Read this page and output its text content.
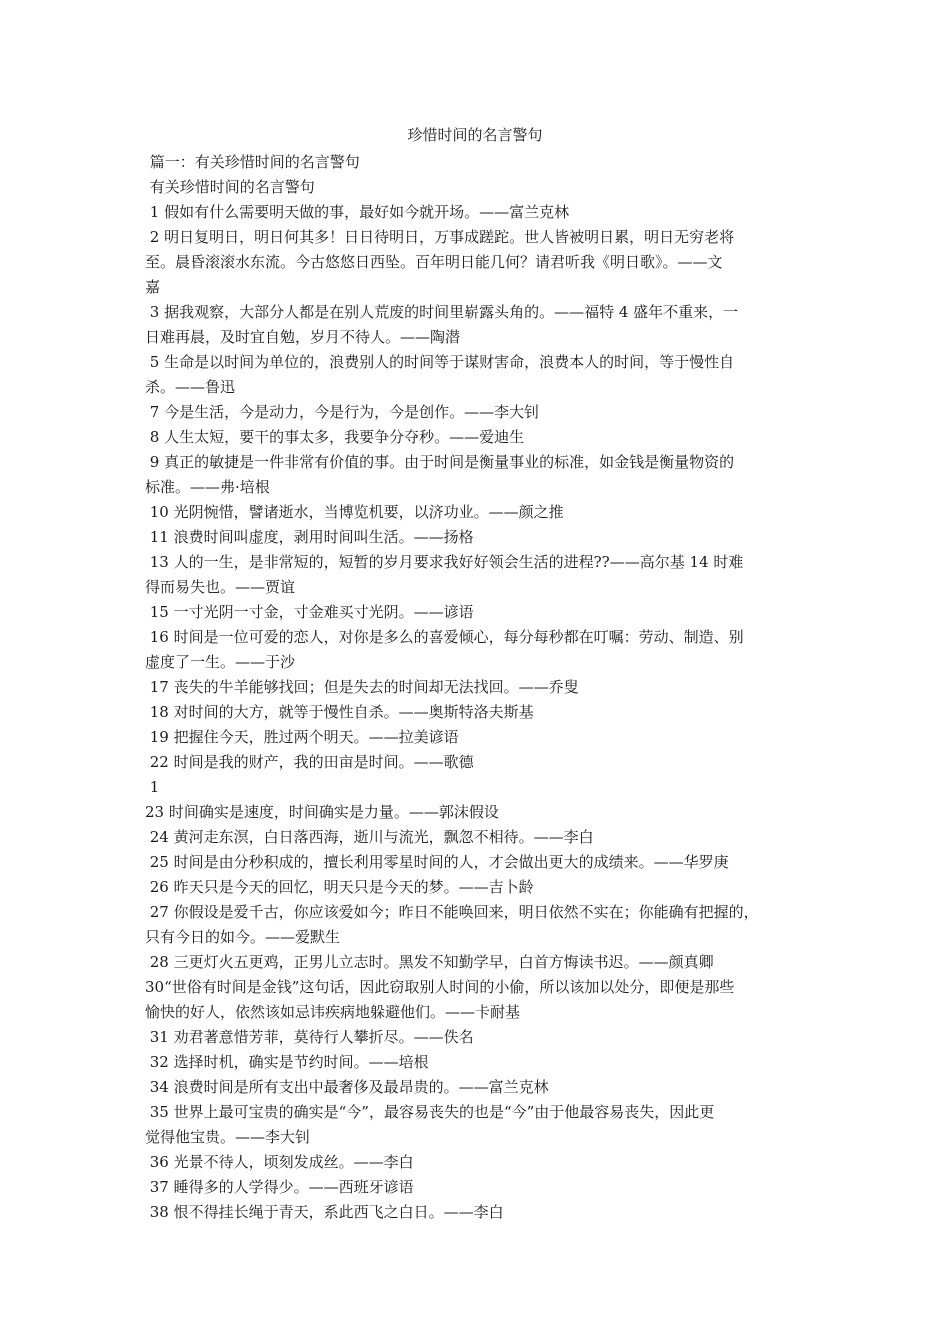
珍惜时间的名言警句
篇一：有关珍惜时间的名言警句
有关珍惜时间的名言警句
1 假如有什么需要明天做的事，最好如今就开场。——富兰克林
2 明日复明日，明日何其多！日日待明日，万事成蹉跎。世人皆被明日累，明日无穷老将
至。晨昏滚滚水东流。今古悠悠日西坠。百年明日能几何？请君听我《明日歌》。——文
嘉
3 据我观察，大部分人都是在别人荒废的时间里崭露头角的。——福特 4 盛年不重来，一
日难再晨，及时宜自勉，岁月不待人。——陶潜
5 生命是以时间为单位的，浪费别人的时间等于谋财害命，浪费本人的时间，等于慢性自
杀。——鲁迅
7 今是生活，今是动力，今是行为，今是创作。——李大钊
8 人生太短，要干的事太多，我要争分夺秒。——爱迪生
9 真正的敏捷是一件非常有价值的事。由于时间是衡量事业的标准，如金钱是衡量物资的
标准。——弗·培根
10 光阴惋惜，譬诸逝水，当博览机要，以济功业。——颜之推
11 浪费时间叫虚度，剥用时间叫生活。——扬格
13 人的一生，是非常短的，短暂的岁月要求我好好领会生活的进程??——高尔基 14 时难
得而易失也。——贾谊
15 一寸光阴一寸金，寸金难买寸光阴。——谚语
16 时间是一位可爱的恋人，对你是多么的喜爱倾心，每分每秒都在叮嘱：劳动、制造、别
虚度了一生。——于沙
17 丧失的牛羊能够找回；但是失去的时间却无法找回。——乔叟
18 对时间的大方，就等于慢性自杀。——奥斯特洛夫斯基
19 把握住今天，胜过两个明天。——拉美谚语
22 时间是我的财产，我的田亩是时间。——歌德
1
23 时间确实是速度，时间确实是力量。——郭沫假设
24 黄河走东溟，白日落西海，逝川与流光，飘忽不相待。——李白
25 时间是由分秒积成的，擅长利用零星时间的人，才会做出更大的成绩来。——华罗庚
26 昨天只是今天的回忆，明天只是今天的梦。——吉卜龄
27 你假设是爱千古，你应该爱如今；昨日不能唤回来，明日依然不实在；你能确有把握的，
只有今日的如今。——爱默生
28 三更灯火五更鸡，正男儿立志时。黑发不知勤学早，白首方悔读书迟。——颜真卿
30“世俗有时间是金钱”这句话，因此窃取别人时间的小偷，所以该加以处分，即便是那些
愉快的好人，依然该如忌讳疾病地躲避他们。——卡耐基
31 劝君著意惜芳菲，莫待行人攀折尽。——佚名
32 选择时机，确实是节约时间。——培根
34 浪费时间是所有支出中最奢侈及最昂贵的。——富兰克林
35 世界上最可宝贵的确实是“今”，最容易丧失的也是“今”由于他最容易丧失，因此更
觉得他宝贵。——李大钊
36 光景不待人，顷刻发成丝。——李白
37 睡得多的人学得少。——西班牙谚语
38 恨不得挂长绳于青天，系此西飞之白日。——李白
